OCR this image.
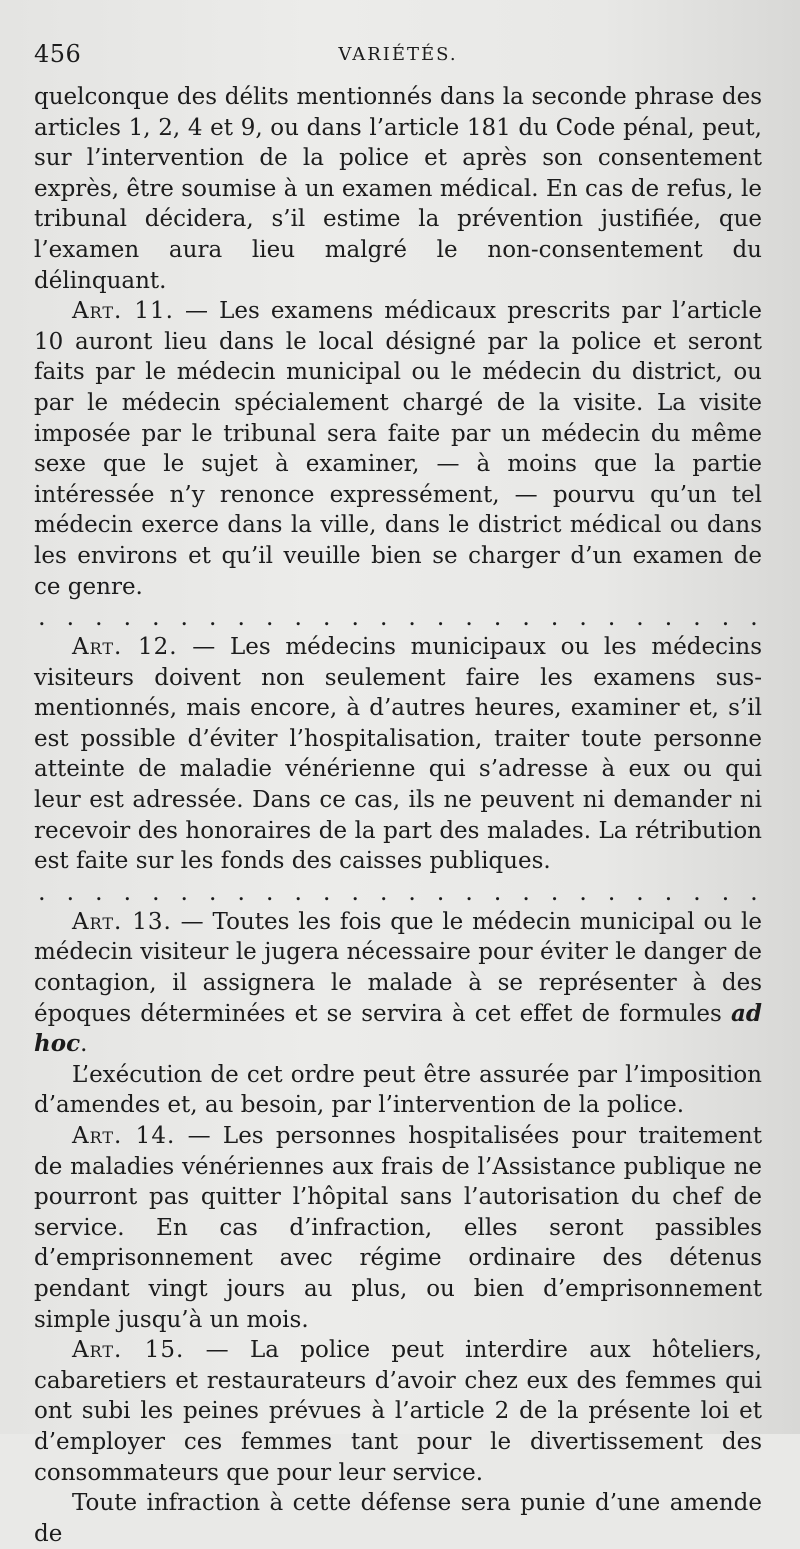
456	VARIÉTÉS.

quelconque des délits mentionnés dans la seconde phrase des articles 1, 2, 4 et 9, ou dans l’article 181 du Code pénal, peut, sur l’intervention de la police et après son consentement exprès, être soumise à un examen médical. En cas de refus, le tribunal décidera, s’il estime la prévention justifiée, que l’examen aura lieu malgré le non-consentement du délinquant.

Art. 11. — Les examens médicaux prescrits par l’article 10 auront lieu dans le local désigné par la police et seront faits par le médecin municipal ou le médecin du district, ou par le médecin spécialement chargé de la visite. La visite imposée par le tribunal sera faite par un médecin du même sexe que le sujet à examiner, — à moins que la partie intéressée n’y renonce expressément, — pourvu qu’un tel médecin exerce dans la ville, dans le district médical ou dans les environs et qu’il veuille bien se charger d’un examen de ce genre.

. . . . . . . . . . . . . . . . . . . . . . . . . .

Art. 12. — Les médecins municipaux ou les médecins visiteurs doivent non seulement faire les examens sus-mentionnés, mais encore, à d’autres heures, examiner et, s’il est possible d’éviter l’hospitalisation, traiter toute personne atteinte de maladie vénérienne qui s’adresse à eux ou qui leur est adressée. Dans ce cas, ils ne peuvent ni demander ni recevoir des honoraires de la part des malades. La rétribution est faite sur les fonds des caisses publiques.

. . . . . . . . . . . . . . . . . . . . . . . . . .

Art. 13. — Toutes les fois que le médecin municipal ou le médecin visiteur le jugera nécessaire pour éviter le danger de contagion, il assignera le malade à se représenter à des époques déterminées et se servira à cet effet de formules ad hoc.

L’exécution de cet ordre peut être assurée par l’imposition d’amendes et, au besoin, par l’intervention de la police.

Art. 14. — Les personnes hospitalisées pour traitement de maladies vénériennes aux frais de l’Assistance publique ne pourront pas quitter l’hôpital sans l’autorisation du chef de service. En cas d’infraction, elles seront passibles d’emprisonnement avec régime ordinaire des détenus pendant vingt jours au plus, ou bien d’emprisonnement simple jusqu’à un mois.

Art. 15. — La police peut interdire aux hôteliers, cabaretiers et restaurateurs d’avoir chez eux des femmes qui ont subi les peines prévues à l’article 2 de la présente loi et d’employer ces femmes tant pour le divertissement des consommateurs que pour leur service.

Toute infraction à cette défense sera punie d’une amende de
